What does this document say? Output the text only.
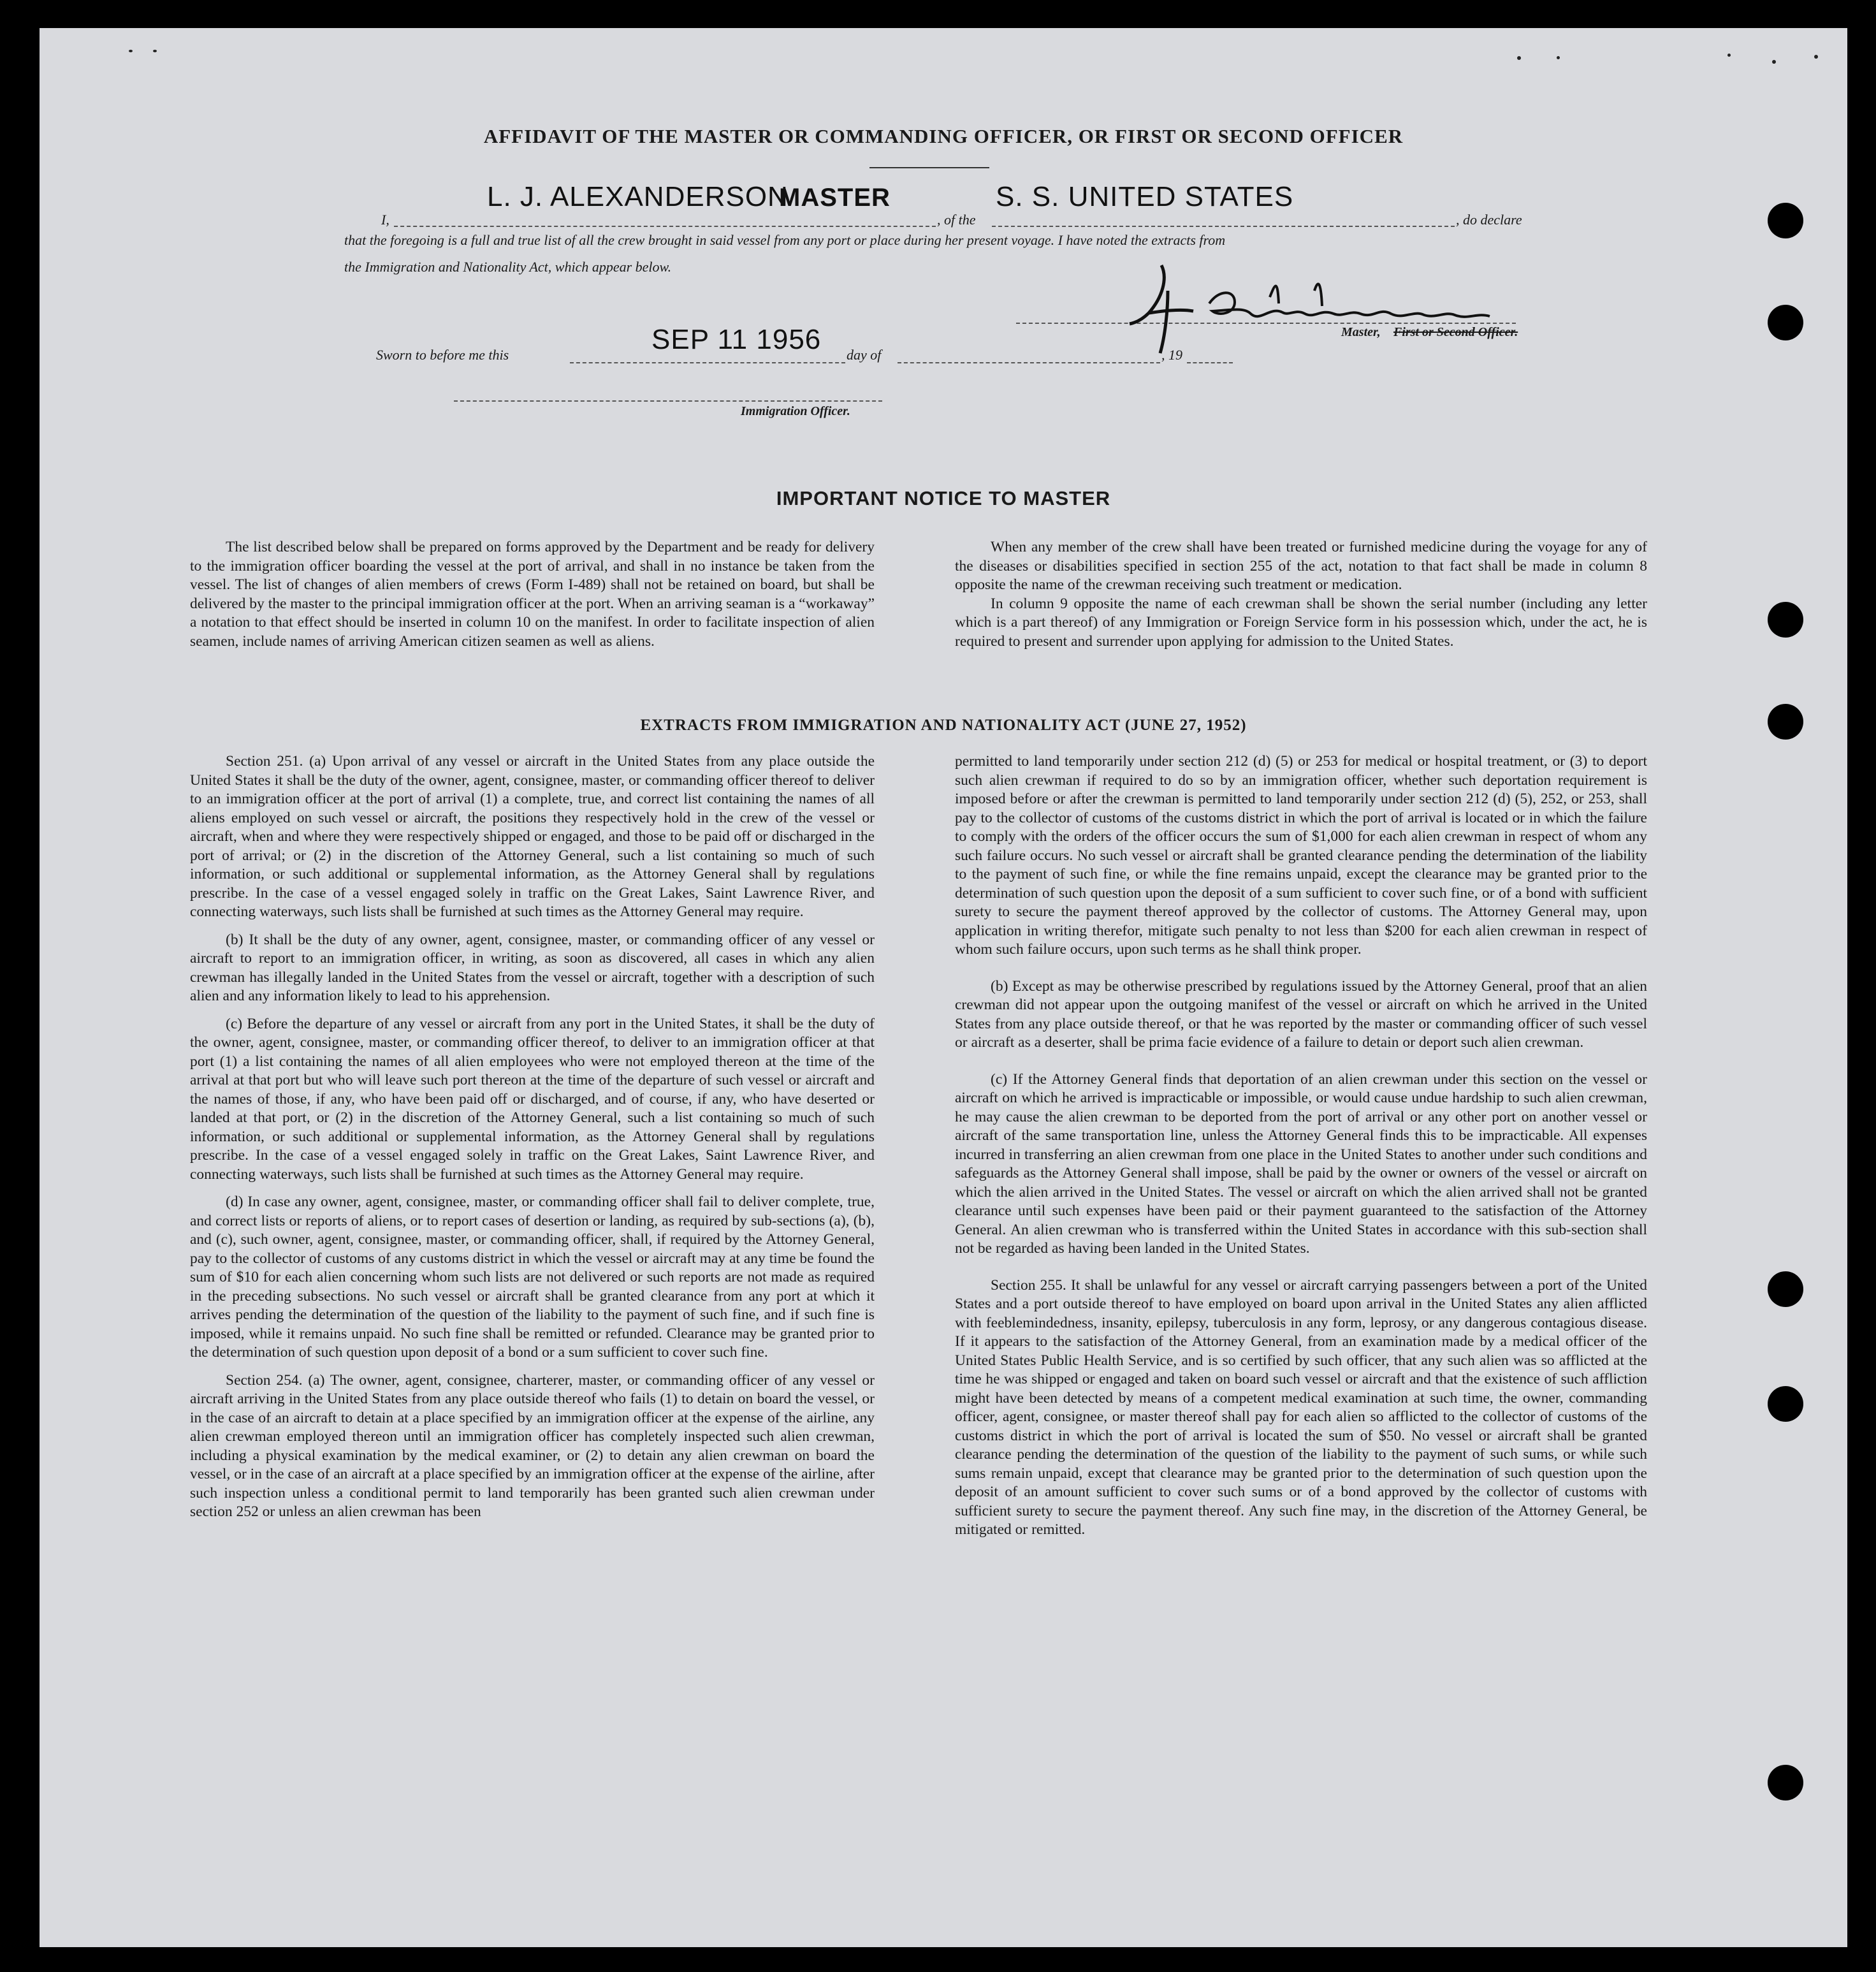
AFFIDAVIT OF THE MASTER OR COMMANDING OFFICER, OR FIRST OR SECOND OFFICER
I,
L. J. ALEXANDERSON
MASTER
, of the
S. S. UNITED STATES
, do declare
that the foregoing is a full and true list of all the crew brought in said vessel from any port or place during her present voyage. I have noted the extracts from
the Immigration and Nationality Act, which appear below.
Master, First or Second Officer.
Sworn to before me this	SEP 11 1956 day of	, 19
Immigration Officer.
IMPORTANT NOTICE TO MASTER

The list described below shall be prepared on forms approved by the Department and be ready for delivery to the immigration officer boarding the vessel at the port of arrival, and shall in no instance be taken from the vessel. The list of changes of alien members of crews (Form I-489) shall not be retained on board, but shall be delivered by the master to the principal immigration officer at the port. When an arriving seaman is a “workaway” a notation to that effect should be inserted in column 10 on the manifest. In order to facilitate inspection of alien seamen, include names of arriving American citizen seamen as well as aliens.

When any member of the crew shall have been treated or furnished medicine during the voyage for any of the diseases or disabilities specified in section 255 of the act, notation to that fact shall be made in column 8 opposite the name of the crewman receiving such treatment or medication.

In column 9 opposite the name of each crewman shall be shown the serial number (including any letter which is a part thereof) of any Immigration or Foreign Service form in his possession which, under the act, he is required to present and surrender upon applying for admission to the United States.

EXTRACTS FROM IMMIGRATION AND NATIONALITY ACT (JUNE 27, 1952)

Section 251. (a) Upon arrival of any vessel or aircraft in the United States from any place outside the United States it shall be the duty of the owner, agent, consignee, master, or commanding officer thereof to deliver to an immigration officer at the port of arrival (1) a complete, true, and correct list containing the names of all aliens employed on such vessel or aircraft, the positions they respectively hold in the crew of the vessel or aircraft, when and where they were respectively shipped or engaged, and those to be paid off or discharged in the port of arrival; or (2) in the discretion of the Attorney General, such a list containing so much of such information, or such additional or supplemental information, as the Attorney General shall by regulations prescribe. In the case of a vessel engaged solely in traffic on the Great Lakes, Saint Lawrence River, and connecting waterways, such lists shall be furnished at such times as the Attorney General may require.

(b) It shall be the duty of any owner, agent, consignee, master, or commanding officer of any vessel or aircraft to report to an immigration officer, in writing, as soon as discovered, all cases in which any alien crewman has illegally landed in the United States from the vessel or aircraft, together with a description of such alien and any information likely to lead to his apprehension.

(c) Before the departure of any vessel or aircraft from any port in the United States, it shall be the duty of the owner, agent, consignee, master, or commanding officer thereof, to deliver to an immigration officer at that port (1) a list containing the names of all alien employees who were not employed thereon at the time of the arrival at that port but who will leave such port thereon at the time of the departure of such vessel or aircraft and the names of those, if any, who have been paid off or discharged, and of course, if any, who have deserted or landed at that port, or (2) in the discretion of the Attorney General, such a list containing so much of such information, or such additional or supplemental information, as the Attorney General shall by regulations prescribe. In the case of a vessel engaged solely in traffic on the Great Lakes, Saint Lawrence River, and connecting waterways, such lists shall be furnished at such times as the Attorney General may require.

(d) In case any owner, agent, consignee, master, or commanding officer shall fail to deliver complete, true, and correct lists or reports of aliens, or to report cases of desertion or landing, as required by sub-sections (a), (b), and (c), such owner, agent, consignee, master, or commanding officer, shall, if required by the Attorney General, pay to the collector of customs of any customs district in which the vessel or aircraft may at any time be found the sum of $10 for each alien concerning whom such lists are not delivered or such reports are not made as required in the preceding subsections. No such vessel or aircraft shall be granted clearance from any port at which it arrives pending the determination of the question of the liability to the payment of such fine, and if such fine is imposed, while it remains unpaid. No such fine shall be remitted or refunded. Clearance may be granted prior to the determination of such question upon deposit of a bond or a sum sufficient to cover such fine.

Section 254. (a) The owner, agent, consignee, charterer, master, or commanding officer of any vessel or aircraft arriving in the United States from any place outside thereof who fails (1) to detain on board the vessel, or in the case of an aircraft to detain at a place specified by an immigration officer at the expense of the airline, any alien crewman employed thereon until an immigration officer has completely inspected such alien crewman, including a physical examination by the medical examiner, or (2) to detain any alien crewman on board the vessel, or in the case of an aircraft at a place specified by an immigration officer at the expense of the airline, after such inspection unless a conditional permit to land temporarily has been granted such alien crewman under section 252 or unless an alien crewman has been

permitted to land temporarily under section 212 (d) (5) or 253 for medical or hospital treatment, or (3) to deport such alien crewman if required to do so by an immigration officer, whether such deportation requirement is imposed before or after the crewman is permitted to land temporarily under section 212 (d) (5), 252, or 253, shall pay to the collector of customs of the customs district in which the port of arrival is located or in which the failure to comply with the orders of the officer occurs the sum of $1,000 for each alien crewman in respect of whom any such failure occurs. No such vessel or aircraft shall be granted clearance pending the determination of the liability to the payment of such fine, or while the fine remains unpaid, except the clearance may be granted prior to the determination of such question upon the deposit of a sum sufficient to cover such fine, or of a bond with sufficient surety to secure the payment thereof approved by the collector of customs. The Attorney General may, upon application in writing therefor, mitigate such penalty to not less than $200 for each alien crewman in respect of whom such failure occurs, upon such terms as he shall think proper.

(b) Except as may be otherwise prescribed by regulations issued by the Attorney General, proof that an alien crewman did not appear upon the outgoing manifest of the vessel or aircraft on which he arrived in the United States from any place outside thereof, or that he was reported by the master or commanding officer of such vessel or aircraft as a deserter, shall be prima facie evidence of a failure to detain or deport such alien crewman.

(c) If the Attorney General finds that deportation of an alien crewman under this section on the vessel or aircraft on which he arrived is impracticable or impossible, or would cause undue hardship to such alien crewman, he may cause the alien crewman to be deported from the port of arrival or any other port on another vessel or aircraft of the same transportation line, unless the Attorney General finds this to be impracticable. All expenses incurred in transferring an alien crewman from one place in the United States to another under such conditions and safeguards as the Attorney General shall impose, shall be paid by the owner or owners of the vessel or aircraft on which the alien arrived in the United States. The vessel or aircraft on which the alien arrived shall not be granted clearance until such expenses have been paid or their payment guaranteed to the satisfaction of the Attorney General. An alien crewman who is transferred within the United States in accordance with this sub-section shall not be regarded as having been landed in the United States.

Section 255. It shall be unlawful for any vessel or aircraft carrying passengers between a port of the United States and a port outside thereof to have employed on board upon arrival in the United States any alien afflicted with feeblemindedness, insanity, epilepsy, tuberculosis in any form, leprosy, or any dangerous contagious disease. If it appears to the satisfaction of the Attorney General, from an examination made by a medical officer of the United States Public Health Service, and is so certified by such officer, that any such alien was so afflicted at the time he was shipped or engaged and taken on board such vessel or aircraft and that the existence of such affliction might have been detected by means of a competent medical examination at such time, the owner, commanding officer, agent, consignee, or master thereof shall pay for each alien so afflicted to the collector of customs of the customs district in which the port of arrival is located the sum of $50. No vessel or aircraft shall be granted clearance pending the determination of the question of the liability to the payment of such sums, or while such sums remain unpaid, except that clearance may be granted prior to the determination of such question upon the deposit of an amount sufficient to cover such sums or of a bond approved by the collector of customs with sufficient surety to secure the payment thereof. Any such fine may, in the discretion of the Attorney General, be mitigated or remitted.
